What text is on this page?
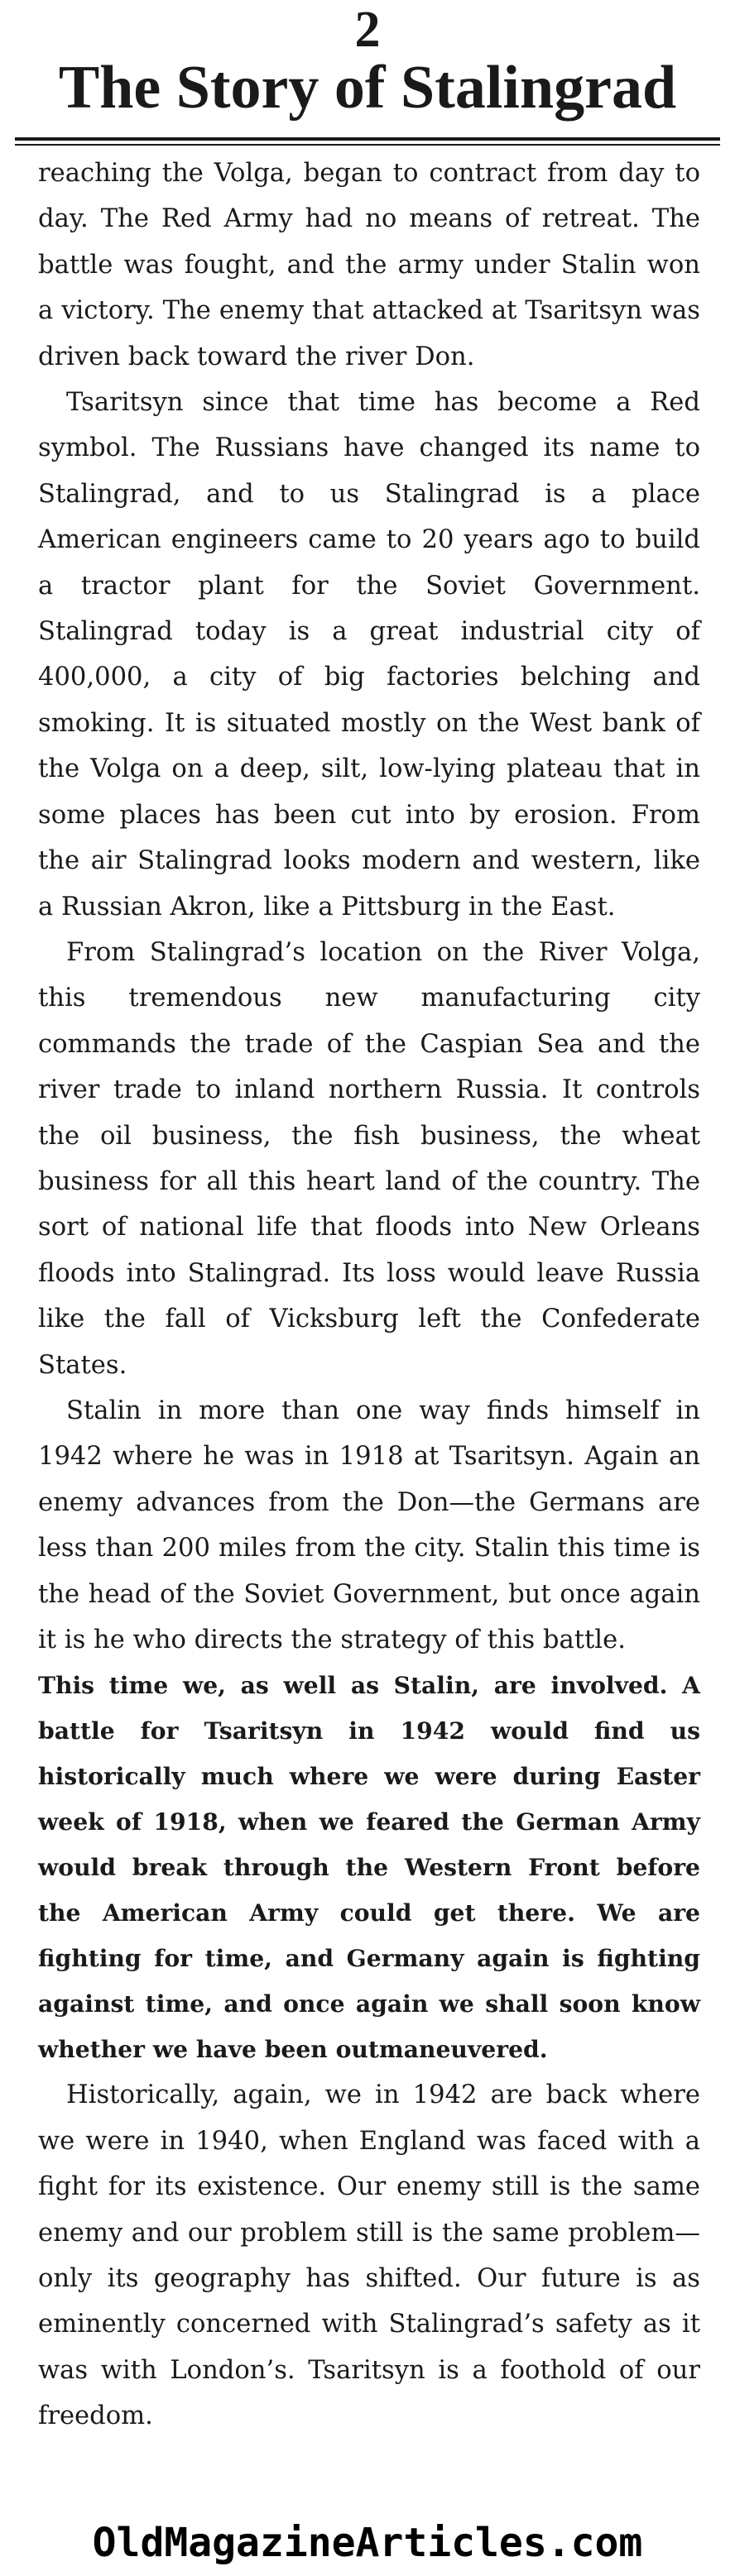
2
The Story of Stalingrad

reaching the Volga, began to contract from day to day. The Red Army had no means of retreat. The battle was fought, and the army under Stalin won a victory. The enemy that attacked at Tsaritsyn was driven back toward the river Don.

Tsaritsyn since that time has become a Red symbol. The Russians have changed its name to Stalingrad, and to us Stalingrad is a place American engineers came to 20 years ago to build a tractor plant for the Soviet Government. Stalingrad today is a great industrial city of 400,000, a city of big factories belching and smoking. It is situated mostly on the West bank of the Volga on a deep, silt, low-lying plateau that in some places has been cut into by erosion. From the air Stalingrad looks modern and western, like a Russian Akron, like a Pittsburg in the East.

From Stalingrad’s location on the River Volga, this tremendous new manufacturing city commands the trade of the Caspian Sea and the river trade to inland northern Russia. It controls the oil business, the fish business, the wheat business for all this heart land of the country. The sort of national life that floods into New Orleans floods into Stalingrad. Its loss would leave Russia like the fall of Vicksburg left the Confederate States.

Stalin in more than one way finds himself in 1942 where he was in 1918 at Tsaritsyn. Again an enemy advances from the Don—the Germans are less than 200 miles from the city. Stalin this time is the head of the Soviet Government, but once again it is he who directs the strategy of this battle.

This time we, as well as Stalin, are involved. A battle for Tsaritsyn in 1942 would find us historically much where we were during Easter week of 1918, when we feared the German Army would break through the Western Front before the American Army could get there. We are fighting for time, and Germany again is fighting against time, and once again we shall soon know whether we have been outmaneuvered.

Historically, again, we in 1942 are back where we were in 1940, when England was faced with a fight for its existence. Our enemy still is the same enemy and our problem still is the same problem—only its geography has shifted. Our future is as eminently concerned with Stalingrad’s safety as it was with London’s. Tsaritsyn is a foothold of our freedom.

OldMagazineArticles.com
